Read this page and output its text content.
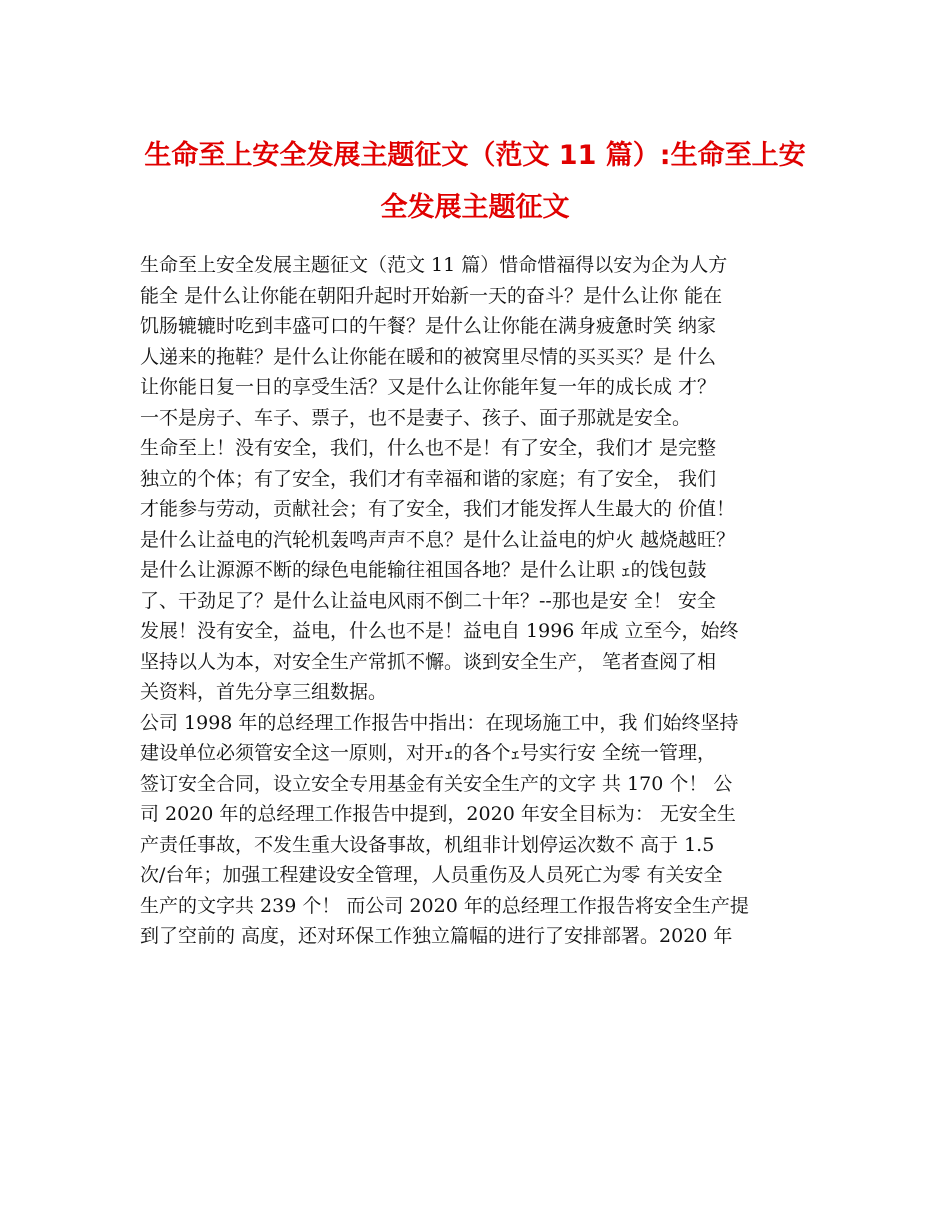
生命至上安全发展主题征文（范文 11 篇）:生命至上安
全发展主题征文
生命至上安全发展主题征文（范文 11 篇）惜命惜福得以安为企为人方
能全 是什么让你能在朝阳升起时开始新一天的奋斗？是什么让你 能在
饥肠辘辘时吃到丰盛可口的午餐？是什么让你能在满身疲惫时笑 纳家
人递来的拖鞋？是什么让你能在暖和的被窝里尽情的买买买？是 什么
让你能日复一日的享受生活？又是什么让你能年复一年的成长成 才？
一不是房子、车子、票子，也不是妻子、孩子、面子那就是安全。
生命至上！没有安全，我们，什么也不是！有了安全，我们才 是完整
独立的个体；有了安全，我们才有幸福和谐的家庭；有了安全， 我们
才能参与劳动，贡献社会；有了安全，我们才能发挥人生最大的 价值！
是什么让益电的汽轮机轰鸣声声不息？是什么让益电的炉火 越烧越旺？
是什么让源源不断的绿色电能输往祖国各地？是什么让职 ｪ的饯包鼓
了、干劲足了？是什么让益电风雨不倒二十年？--那也是安 全！ 安全
发展！没有安全，益电，什么也不是！益电自 1996 年成 立至今，始终
坚持以人为本，对安全生产常抓不懈。谈到安全生产， 笔者查阅了相
关资料，首先分享三组数据。
公司 1998 年的总经理工作报告中指出：在现场施工中，我 们始终坚持
建设单位必须管安全这一原则，对开ｪ的各个ｪ号实行安 全统一管理，
签订安全合同，设立安全专用基金有关安全生产的文字 共 170 个！ 公
司 2020 年的总经理工作报告中提到，2020 年安全目标为： 无安全生
产责任事故，不发生重大设备事故，机组非计划停运次数不 高于 1.5
次/台年；加强工程建设安全管理，人员重伤及人员死亡为零 有关安全
生产的文字共 239 个！ 而公司 2020 年的总经理工作报告将安全生产提
到了空前的 高度，还对环保工作独立篇幅的进行了安排部署。2020 年
